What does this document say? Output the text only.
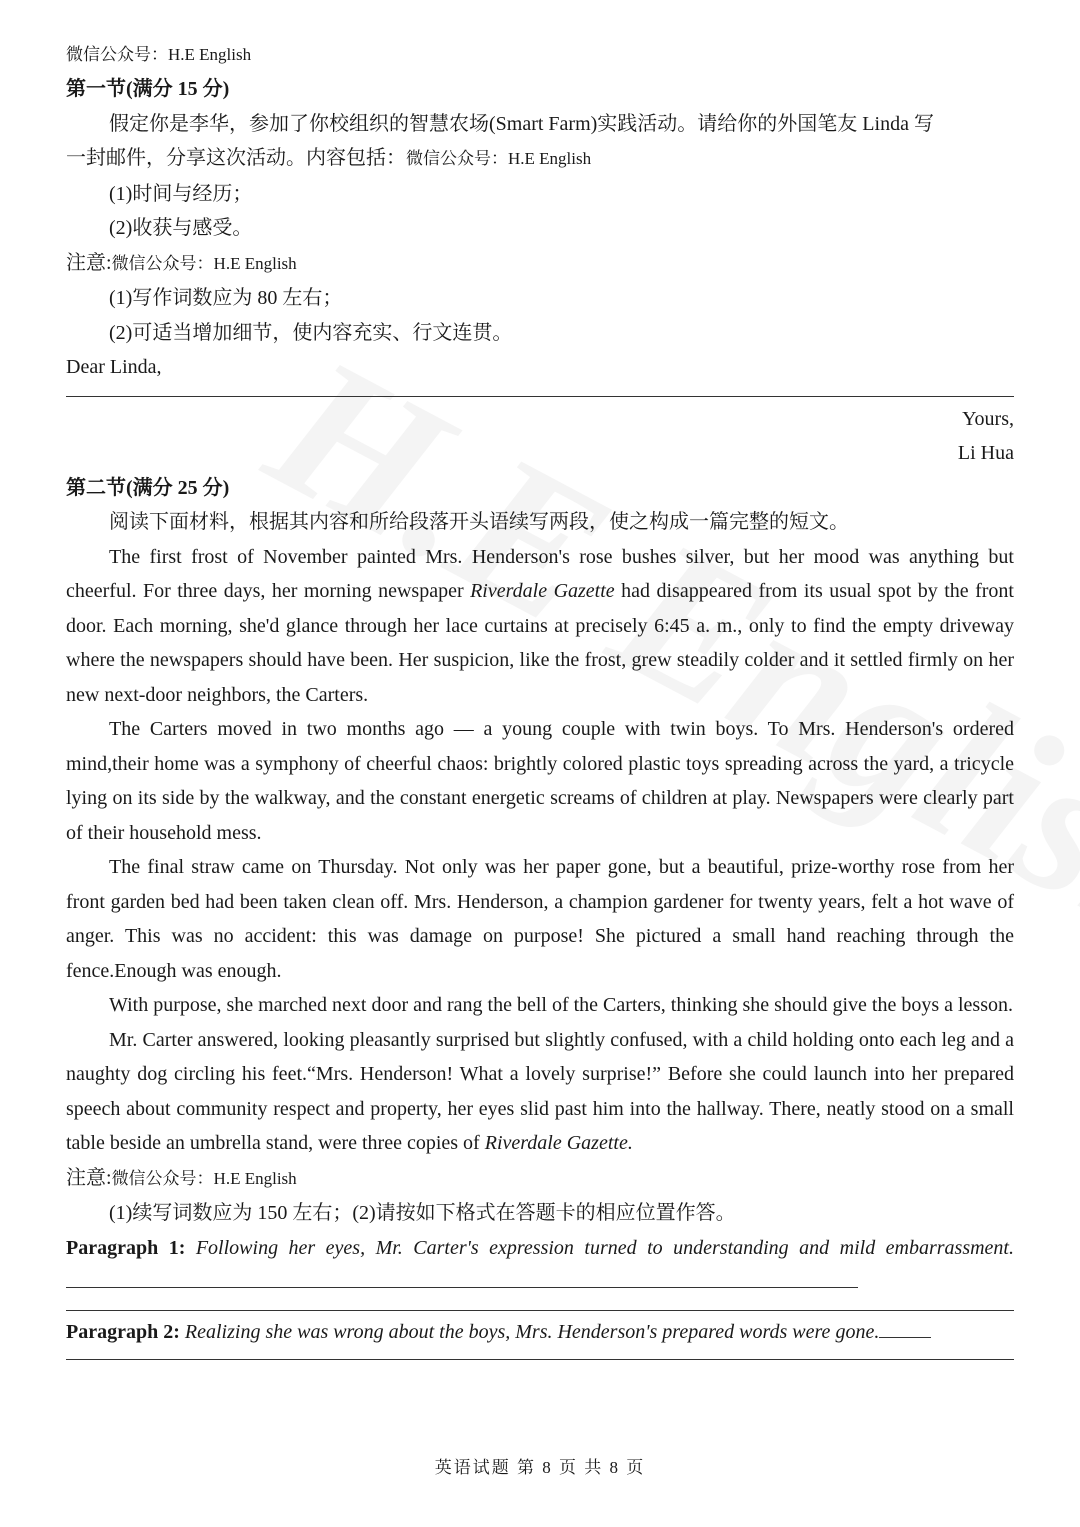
微信公众号：H.E English
第一节(满分 15 分)
假定你是李华，参加了你校组织的智慧农场(Smart Farm)实践活动。请给你的外国笔友 Linda 写
一封邮件，分享这次活动。内容包括：微信公众号：H.E English
(1)时间与经历；
(2)收获与感受。
注意:微信公众号：H.E English
(1)写作词数应为 80 左右；
(2)可适当增加细节，使内容充实、行文连贯。
Dear Linda,
Yours,
Li Hua
第二节(满分 25 分)
阅读下面材料，根据其内容和所给段落开头语续写两段，使之构成一篇完整的短文。

The first frost of November painted Mrs. Henderson's rose bushes silver, but her mood was anything but cheerful. For three days, her morning newspaper Riverdale Gazette had disappeared from its usual spot by the front door. Each morning, she'd glance through her lace curtains at precisely 6:45 a. m., only to find the empty driveway where the newspapers should have been. Her suspicion, like the frost, grew steadily colder and it settled firmly on her new next-door neighbors, the Carters.

The Carters moved in two months ago — a young couple with twin boys. To Mrs. Henderson's ordered mind,their home was a symphony of cheerful chaos: brightly colored plastic toys spreading across the yard, a tricycle lying on its side by the walkway, and the constant energetic screams of children at play. Newspapers were clearly part of their household mess.

The final straw came on Thursday. Not only was her paper gone, but a beautiful, prize-worthy rose from her front garden bed had been taken clean off. Mrs. Henderson, a champion gardener for twenty years, felt a hot wave of anger. This was no accident: this was damage on purpose! She pictured a small hand reaching through the fence.Enough was enough.

With purpose, she marched next door and rang the bell of the Carters, thinking she should give the boys a lesson.

Mr. Carter answered, looking pleasantly surprised but slightly confused, with a child holding onto each leg and a naughty dog circling his feet.“Mrs. Henderson! What a lovely surprise!” Before she could launch into her prepared speech about community respect and property, her eyes slid past him into the hallway. There, neatly stood on a small table beside an umbrella stand, were three copies of Riverdale Gazette.

注意:微信公众号：H.E English
(1)续写词数应为 150 左右；(2)请按如下格式在答题卡的相应位置作答。
Paragraph 1: Following her eyes, Mr. Carter's expression turned to understanding and mild embarrassment.
Paragraph 2: Realizing she was wrong about the boys, Mrs. Henderson's prepared words were gone.
英语试题 第 8 页 共 8 页
